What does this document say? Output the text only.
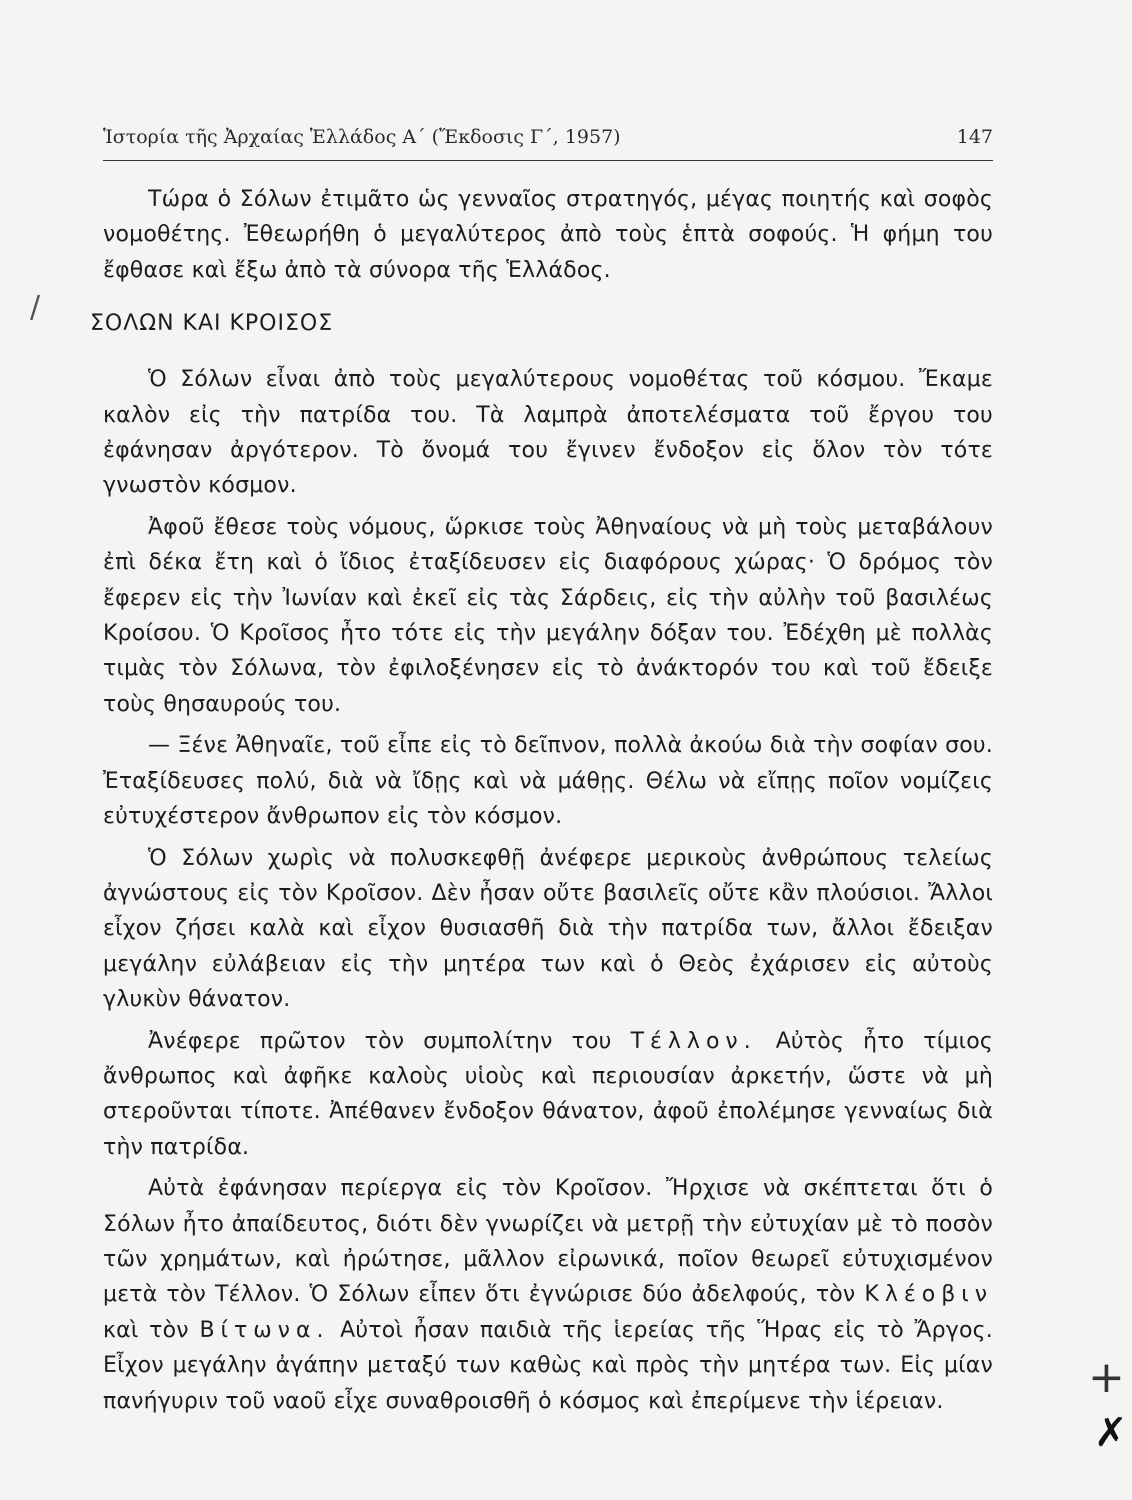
Ἱστορία τῆς Ἀρχαίας Ἑλλάδος Α΄ (Ἔκδοσις Γ΄, 1957)	147

Τώρα ὁ Σόλων ἐτιμᾶτο ὡς γενναῖος στρατηγός, μέγας ποιητής καὶ σοφὸς νομοθέτης. Ἐθεωρήθη ὁ μεγαλύτερος ἀπὸ τοὺς ἑπτὰ σοφούς. Ἡ φήμη του ἔφθασε καὶ ἔξω ἀπὸ τὰ σύνορα τῆς Ἑλλάδος.

ΣΟΛΩΝ ΚΑΙ ΚΡΟΙΣΟΣ

Ὁ Σόλων εἶναι ἀπὸ τοὺς μεγαλύτερους νομοθέτας τοῦ κόσμου. Ἔκαμε καλὸν εἰς τὴν πατρίδα του. Τὰ λαμπρὰ ἀποτελέσματα τοῦ ἔργου του ἐφάνησαν ἀργότερον. Τὸ ὄνομά του ἔγινεν ἔνδοξον εἰς ὅλον τὸν τότε γνωστὸν κόσμον.

Ἀφοῦ ἔθεσε τοὺς νόμους, ὥρκισε τοὺς Ἀθηναίους νὰ μὴ τοὺς μεταβάλουν ἐπὶ δέκα ἔτη καὶ ὁ ἴδιος ἐταξίδευσεν εἰς διαφόρους χώρας· Ὁ δρόμος τὸν ἔφερεν εἰς τὴν Ἰωνίαν καὶ ἐκεῖ εἰς τὰς Σάρδεις, εἰς τὴν αὐλὴν τοῦ βασιλέως Κροίσου. Ὁ Κροῖσος ἦτο τότε εἰς τὴν μεγάλην δόξαν του. Ἐδέχθη μὲ πολλὰς τιμὰς τὸν Σόλωνα, τὸν ἐφιλοξένησεν εἰς τὸ ἀνάκτορόν του καὶ τοῦ ἔδειξε τοὺς θησαυρούς του.

— Ξένε Ἀθηναῖε, τοῦ εἶπε εἰς τὸ δεῖπνον, πολλὰ ἀκούω διὰ τὴν σοφίαν σου. Ἐταξίδευσες πολύ, διὰ νὰ ἴδῃς καὶ νὰ μάθῃς. Θέλω νὰ εἴπῃς ποῖον νομίζεις εὐτυχέστερον ἄνθρωπον εἰς τὸν κόσμον.

Ὁ Σόλων χωρὶς νὰ πολυσκεφθῇ ἀνέφερε μερικοὺς ἀνθρώπους τελείως ἀγνώστους εἰς τὸν Κροῖσον. Δὲν ἦσαν οὔτε βασιλεῖς οὔτε κἂν πλούσιοι. Ἄλλοι εἶχον ζήσει καλὰ καὶ εἶχον θυσιασθῆ διὰ τὴν πατρίδα των, ἄλλοι ἔδειξαν μεγάλην εὐλάβειαν εἰς τὴν μητέρα των καὶ ὁ Θεὸς ἐχάρισεν εἰς αὐτοὺς γλυκὺν θάνατον.

Ἀνέφερε πρῶτον τὸν συμπολίτην του Τέλλον. Αὐτὸς ἦτο τίμιος ἄνθρωπος καὶ ἀφῆκε καλοὺς υἱοὺς καὶ περιουσίαν ἀρκετήν, ὥστε νὰ μὴ στεροῦνται τίποτε. Ἀπέθανεν ἔνδοξον θάνατον, ἀφοῦ ἐπολέμησε γενναίως διὰ τὴν πατρίδα.

Αὐτὰ ἐφάνησαν περίεργα εἰς τὸν Κροῖσον. Ἤρχισε νὰ σκέπτεται ὅτι ὁ Σόλων ἦτο ἀπαίδευτος, διότι δὲν γνωρίζει νὰ μετρῇ τὴν εὐτυχίαν μὲ τὸ ποσὸν τῶν χρημάτων, καὶ ἠρώτησε, μᾶλλον εἰρωνικά, ποῖον θεωρεῖ εὐτυχισμένον μετὰ τὸν Τέλλον. Ὁ Σόλων εἶπεν ὅτι ἐγνώρισε δύο ἀδελφούς, τὸν Κλέοβιν καὶ τὸν Βίτωνα. Αὐτοὶ ἦσαν παιδιὰ τῆς ἱερείας τῆς Ἥρας εἰς τὸ Ἄργος. Εἶχον μεγάλην ἀγάπην μεταξύ των καθὼς καὶ πρὸς τὴν μητέρα των. Εἰς μίαν πανήγυριν τοῦ ναοῦ εἶχε συναθροισθῆ ὁ κόσμος καὶ ἐπερίμενε τὴν ἱέρειαν.

/
+
✗
